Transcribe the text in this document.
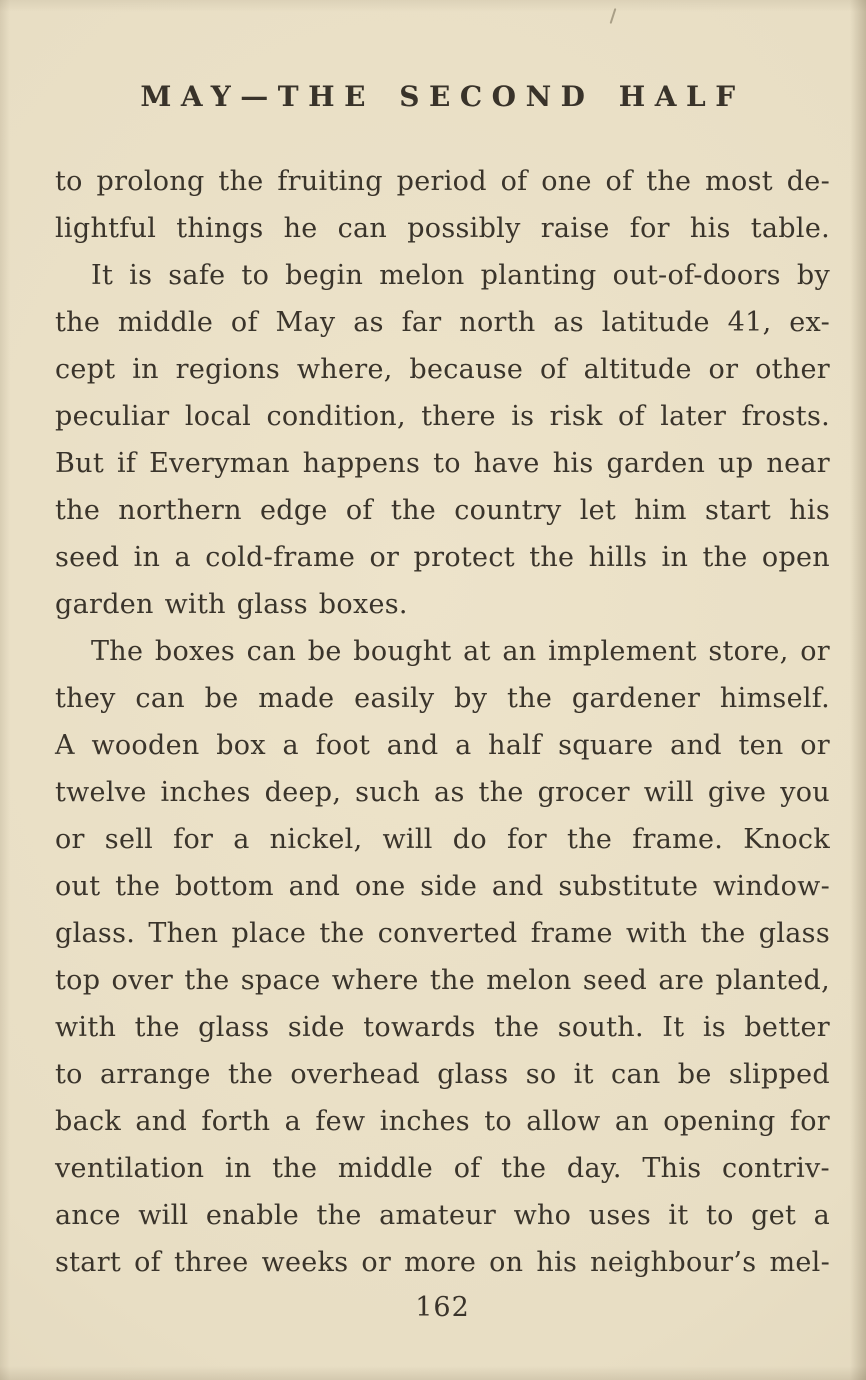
MAY—THE SECOND HALF
to prolong the fruiting period of one of the most de-
lightful things he can possibly raise for his table.
It is safe to begin melon planting out-of-doors by
the middle of May as far north as latitude 41, ex-
cept in regions where, because of altitude or other
peculiar local condition, there is risk of later frosts.
But if Everyman happens to have his garden up near
the northern edge of the country let him start his
seed in a cold-frame or protect the hills in the open
garden with glass boxes.
The boxes can be bought at an implement store, or
they can be made easily by the gardener himself.
A wooden box a foot and a half square and ten or
twelve inches deep, such as the grocer will give you
or sell for a nickel, will do for the frame. Knock
out the bottom and one side and substitute window-
glass. Then place the converted frame with the glass
top over the space where the melon seed are planted,
with the glass side towards the south. It is better
to arrange the overhead glass so it can be slipped
back and forth a few inches to allow an opening for
ventilation in the middle of the day. This contriv-
ance will enable the amateur who uses it to get a
start of three weeks or more on his neighbour’s mel-
162
